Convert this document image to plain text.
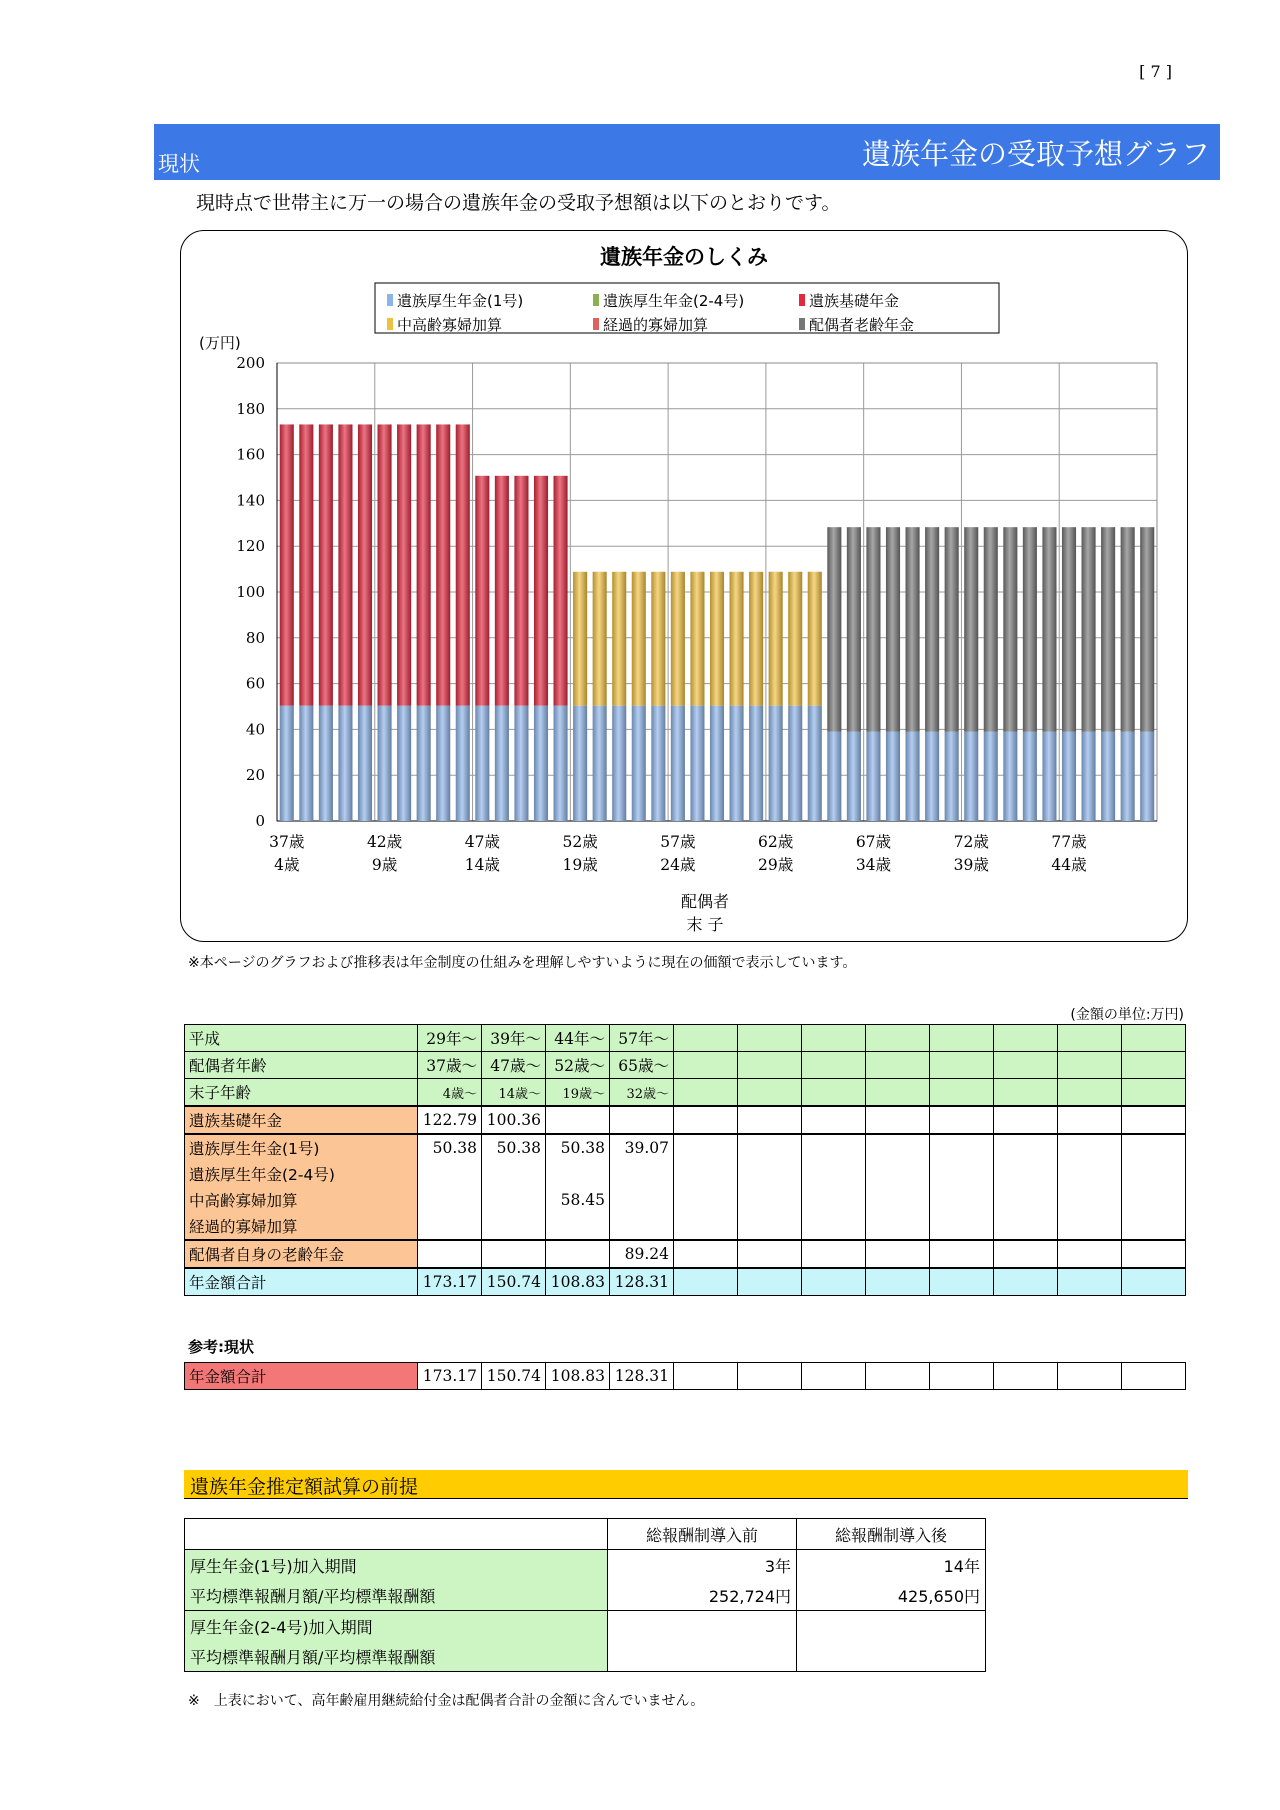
[ 7 ]
現状	遺族年金の受取予想グラフ
現時点で世帯主に万一の場合の遺族年金の受取予想額は以下のとおりです。
遺族年金のしくみ
遺族厚生年金(1号)	遺族厚生年金(2-4号)	遺族基礎年金
中高齢寡婦加算	経過的寡婦加算	配偶者老齢年金
(万円)
0
20
40
60
80
100
120
140
160
180
200
37歳
4歳
42歳
9歳
47歳
14歳
52歳
19歳
57歳
24歳
62歳
29歳
67歳
34歳
72歳
39歳
77歳
44歳
配偶者
末 子
※本ページのグラフおよび推移表は年金制度の仕組みを理解しやすいように現在の価額で表示しています。
(金額の単位:万円)
平成	29年～	39年～	44年～	57年～								
配偶者年齢	37歳～	47歳～	52歳～	65歳～								
末子年齢	4歳～	14歳～	19歳～	32歳～								
遺族基礎年金	122.79	100.36										
遺族厚生年金(1号)	50.38	50.38	50.38	39.07								
遺族厚生年金(2-4号)												
中高齢寡婦加算			58.45									
経過的寡婦加算												
配偶者自身の老齢年金				89.24								
年金額合計	173.17	150.74	108.83	128.31								
参考:現状
年金額合計	173.17	150.74	108.83	128.31								
遺族年金推定額試算の前提
	総報酬制導入前	総報酬制導入後
厚生年金(1号)加入期間	3年	14年
平均標準報酬月額/平均標準報酬額	252,724円	425,650円
厚生年金(2-4号)加入期間		
平均標準報酬月額/平均標準報酬額		
※　上表において、高年齢雇用継続給付金は配偶者合計の金額に含んでいません。
